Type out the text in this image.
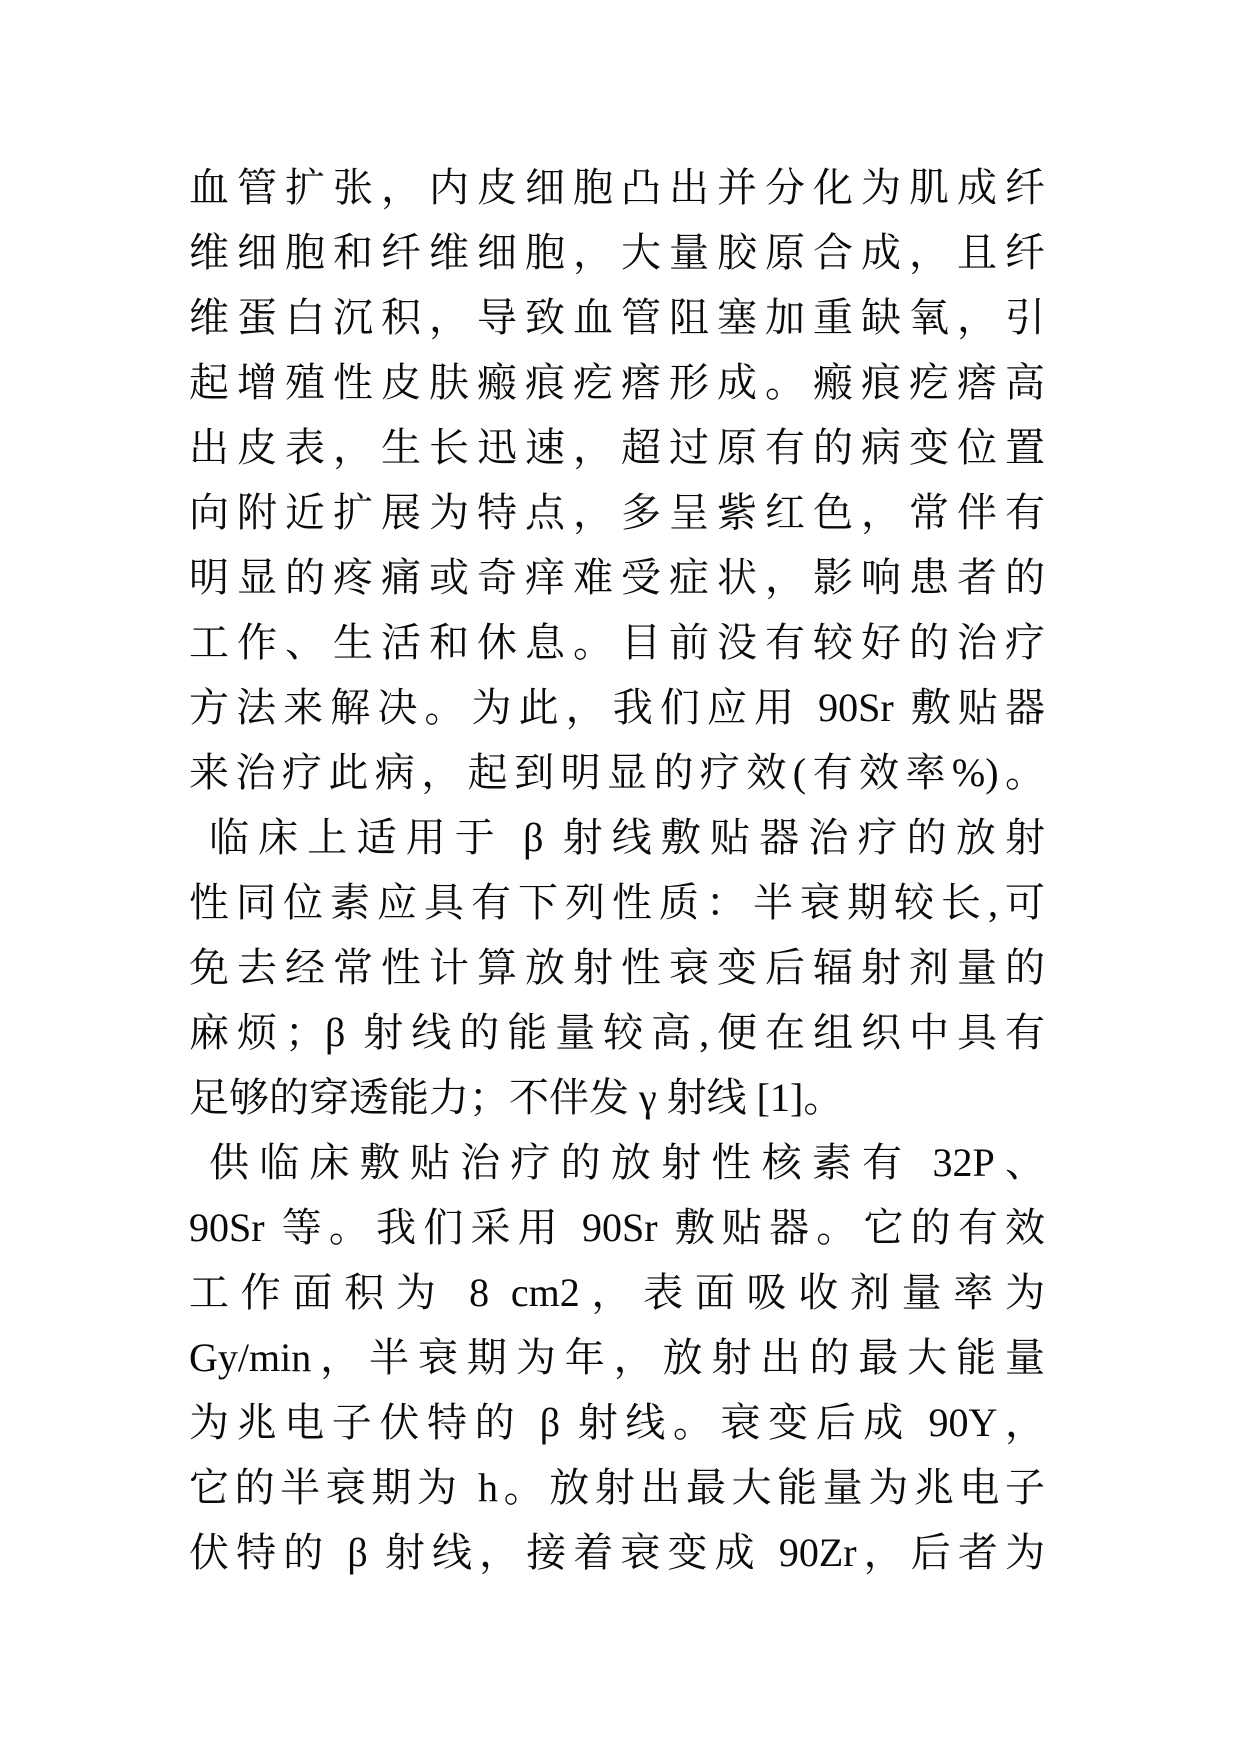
血管扩张，内皮细胞凸出并分化为肌成纤
维细胞和纤维细胞，大量胶原合成，且纤
维蛋白沉积，导致血管阻塞加重缺氧，引
起增殖性皮肤瘢痕疙瘩形成。瘢痕疙瘩高
出皮表，生长迅速，超过原有的病变位置
向附近扩展为特点，多呈紫红色，常伴有
明显的疼痛或奇痒难受症状，影响患者的
工作、生活和休息。目前没有较好的治疗
方法来解决。为此，我们应用 90Sr 敷贴器
来治疗此病，起到明显的疗效(有效率%)。
临床上适用于 β 射线敷贴器治疗的放射
性同位素应具有下列性质：半衰期较长,可
免去经常性计算放射性衰变后辐射剂量的
麻烦；β 射线的能量较高,便在组织中具有
足够的穿透能力；不伴发 γ 射线 [1]。
供临床敷贴治疗的放射性核素有 32P、
90Sr 等。我们采用 90Sr 敷贴器。它的有效
工作面积为 8 cm2，表面吸收剂量率为
Gy/min，半衰期为年，放射出的最大能量
为兆电子伏特的 β 射线。衰变后成 90Y，
它的半衰期为 h。放射出最大能量为兆电子
伏特的 β 射线，接着衰变成 90Zr，后者为
